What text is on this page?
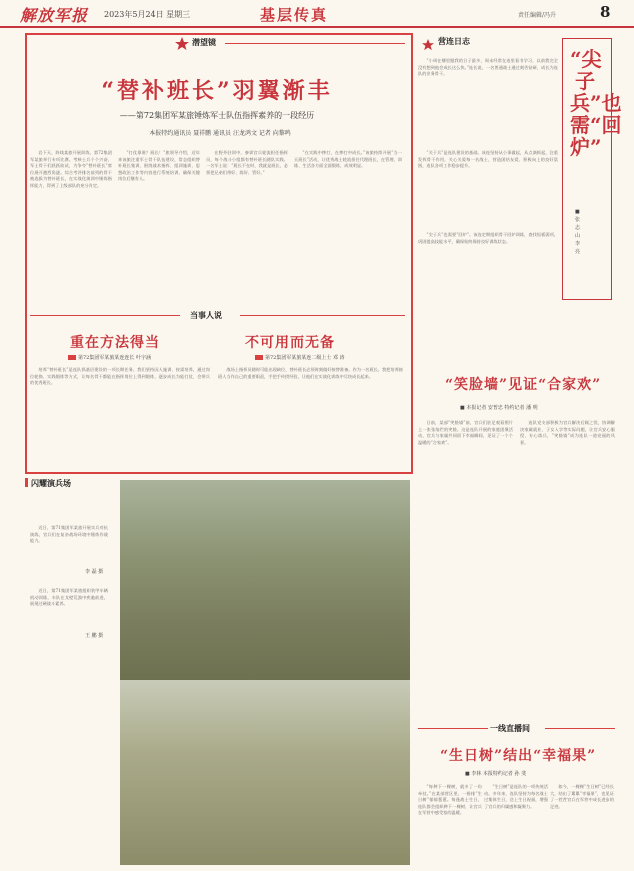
解放军报 2023年5月24日 星期三	基层传真	责任编辑/冯升	8
潜望镜
“替补班长”羽翼渐丰
——第72集团军某旅锤炼军士队伍指挥素养的一段经历
本报特约通讯员 聂祥鹏 通讯员 汪龙鸿文 记者 向黎鸣

岩下天，阵线某旅开展训练，第72集团军某旅举行专项比赛。考核士兵个个兴奋，军士骨干们跃跃欲试，为争夺“替补班长”席位展开激烈角逐。综合考评排名前列的骨干被选拔为替补班长，在实战化演训中锤炼指挥能力，得到了上级部队的充分肯定。

“打仗靠谁？班长！”旅领导介绍，近年来该旅注重军士骨干队伍建设，常态组织替补班长集训，围绕战术指挥、组训施训、思想政治工作等内容进行系统培训，确保关键岗位后继有人。

在野外驻训中，参训官兵轮流担任指挥员，每个战斗小组都有替补班长随队实践。一名军士说：“班长不在时，我就是班长，必须把兄弟们带好、练好、管好。”

“在实践中摔打，在摔打中成长。”该旅持续开展“当一天班长”活动，让优秀战士轮流担任代理班长，在管理、训练、生活各方面全面锻炼，成效明显。

当事人说
重在方法得当
第72集团军某旅某连连长 叶宇涵

培养“替补班长”是连队抓基层建设的一项长期任务。我们坚持因人施训、按需培养，通过岗位轮换、实践锻炼等方式，让每名骨干都能在指挥岗位上得到锻炼，逐步成长为能打仗、会带兵的优秀班长。

不可用而无备
第72集团军某旅某连二级上士 邓 涛

战场上指挥员随时可能出现缺位，替补班长必须时刻做好接替准备。作为一名班长，我把培养接班人当作自己的重要职责，手把手传授经验，让他们在实战化训练中尽快成长起来。

闪耀演兵场

近日，第71集团军某旅开展实兵对抗演练，官兵们在复杂战场环境中锤炼作战能力。

李 磊 摄

近日，第71集团军某旅组织装甲车辆机动训练，车队在戈壁荒漠中疾驰前进，展现过硬战斗素养。

王 鹏 摄
营连日志

“小周在哪里跟我的日子最多，周末经常在连里看书学习，以前我完全没有想到他会成长这么快。”连长说，一名普通战士通过刻苦钻研，成长为连队的业务骨干。

“关于兵”是连队建设的基础。该连坚持从小事做起，从点滴抓起，注重发挥骨干作用，关心关爱每一名战士，营造团结友爱、积极向上的良好氛围，连队各项工作稳步提升。

“尖子兵”也需要“回炉”。该连定期组织骨干回炉训练，查找短板弱项，巩固提高技能水平，确保始终保持良好训练状态。

“尖子兵”也需“回炉”
■ 张志山 李 亮
“笑脸墙”见证“合家欢”
■ 本报记者 安普忠 特约记者 潘 明

日前，某部“笑脸墙”前，官兵们驻足观看照片上一张张灿烂的笑脸。这是连队开展的家庭团聚活动，官兵与家属共同留下幸福瞬间，见证了一个个温暖的“合家欢”。

连队党支部积极为官兵解决后顾之忧，协调解决家属就业、子女入学等实际问题，让官兵安心服役、专心练兵，“笑脸墙”成为连队一道亮丽的风景。

一线直播间
“生日树”结出“幸福果”
■ 李林 本报特约记者 孙 斐

“每种下一棵树，就多了一份牵挂。”在某部营区里，一排排“生日树”郁郁葱葱。每逢战士生日，连队都会组织种下一棵树，让官兵在军营中感受家的温暖。

“生日树”是连队的一项传统活动。多年来，连队坚持为每名战士过集体生日，送上生日祝福，增强了官兵的归属感和凝聚力。

如今，一棵棵“生日树”已经长大，结出了累累“幸福果”，也见证了一茬茬官兵在军营中成长进步的足迹。
